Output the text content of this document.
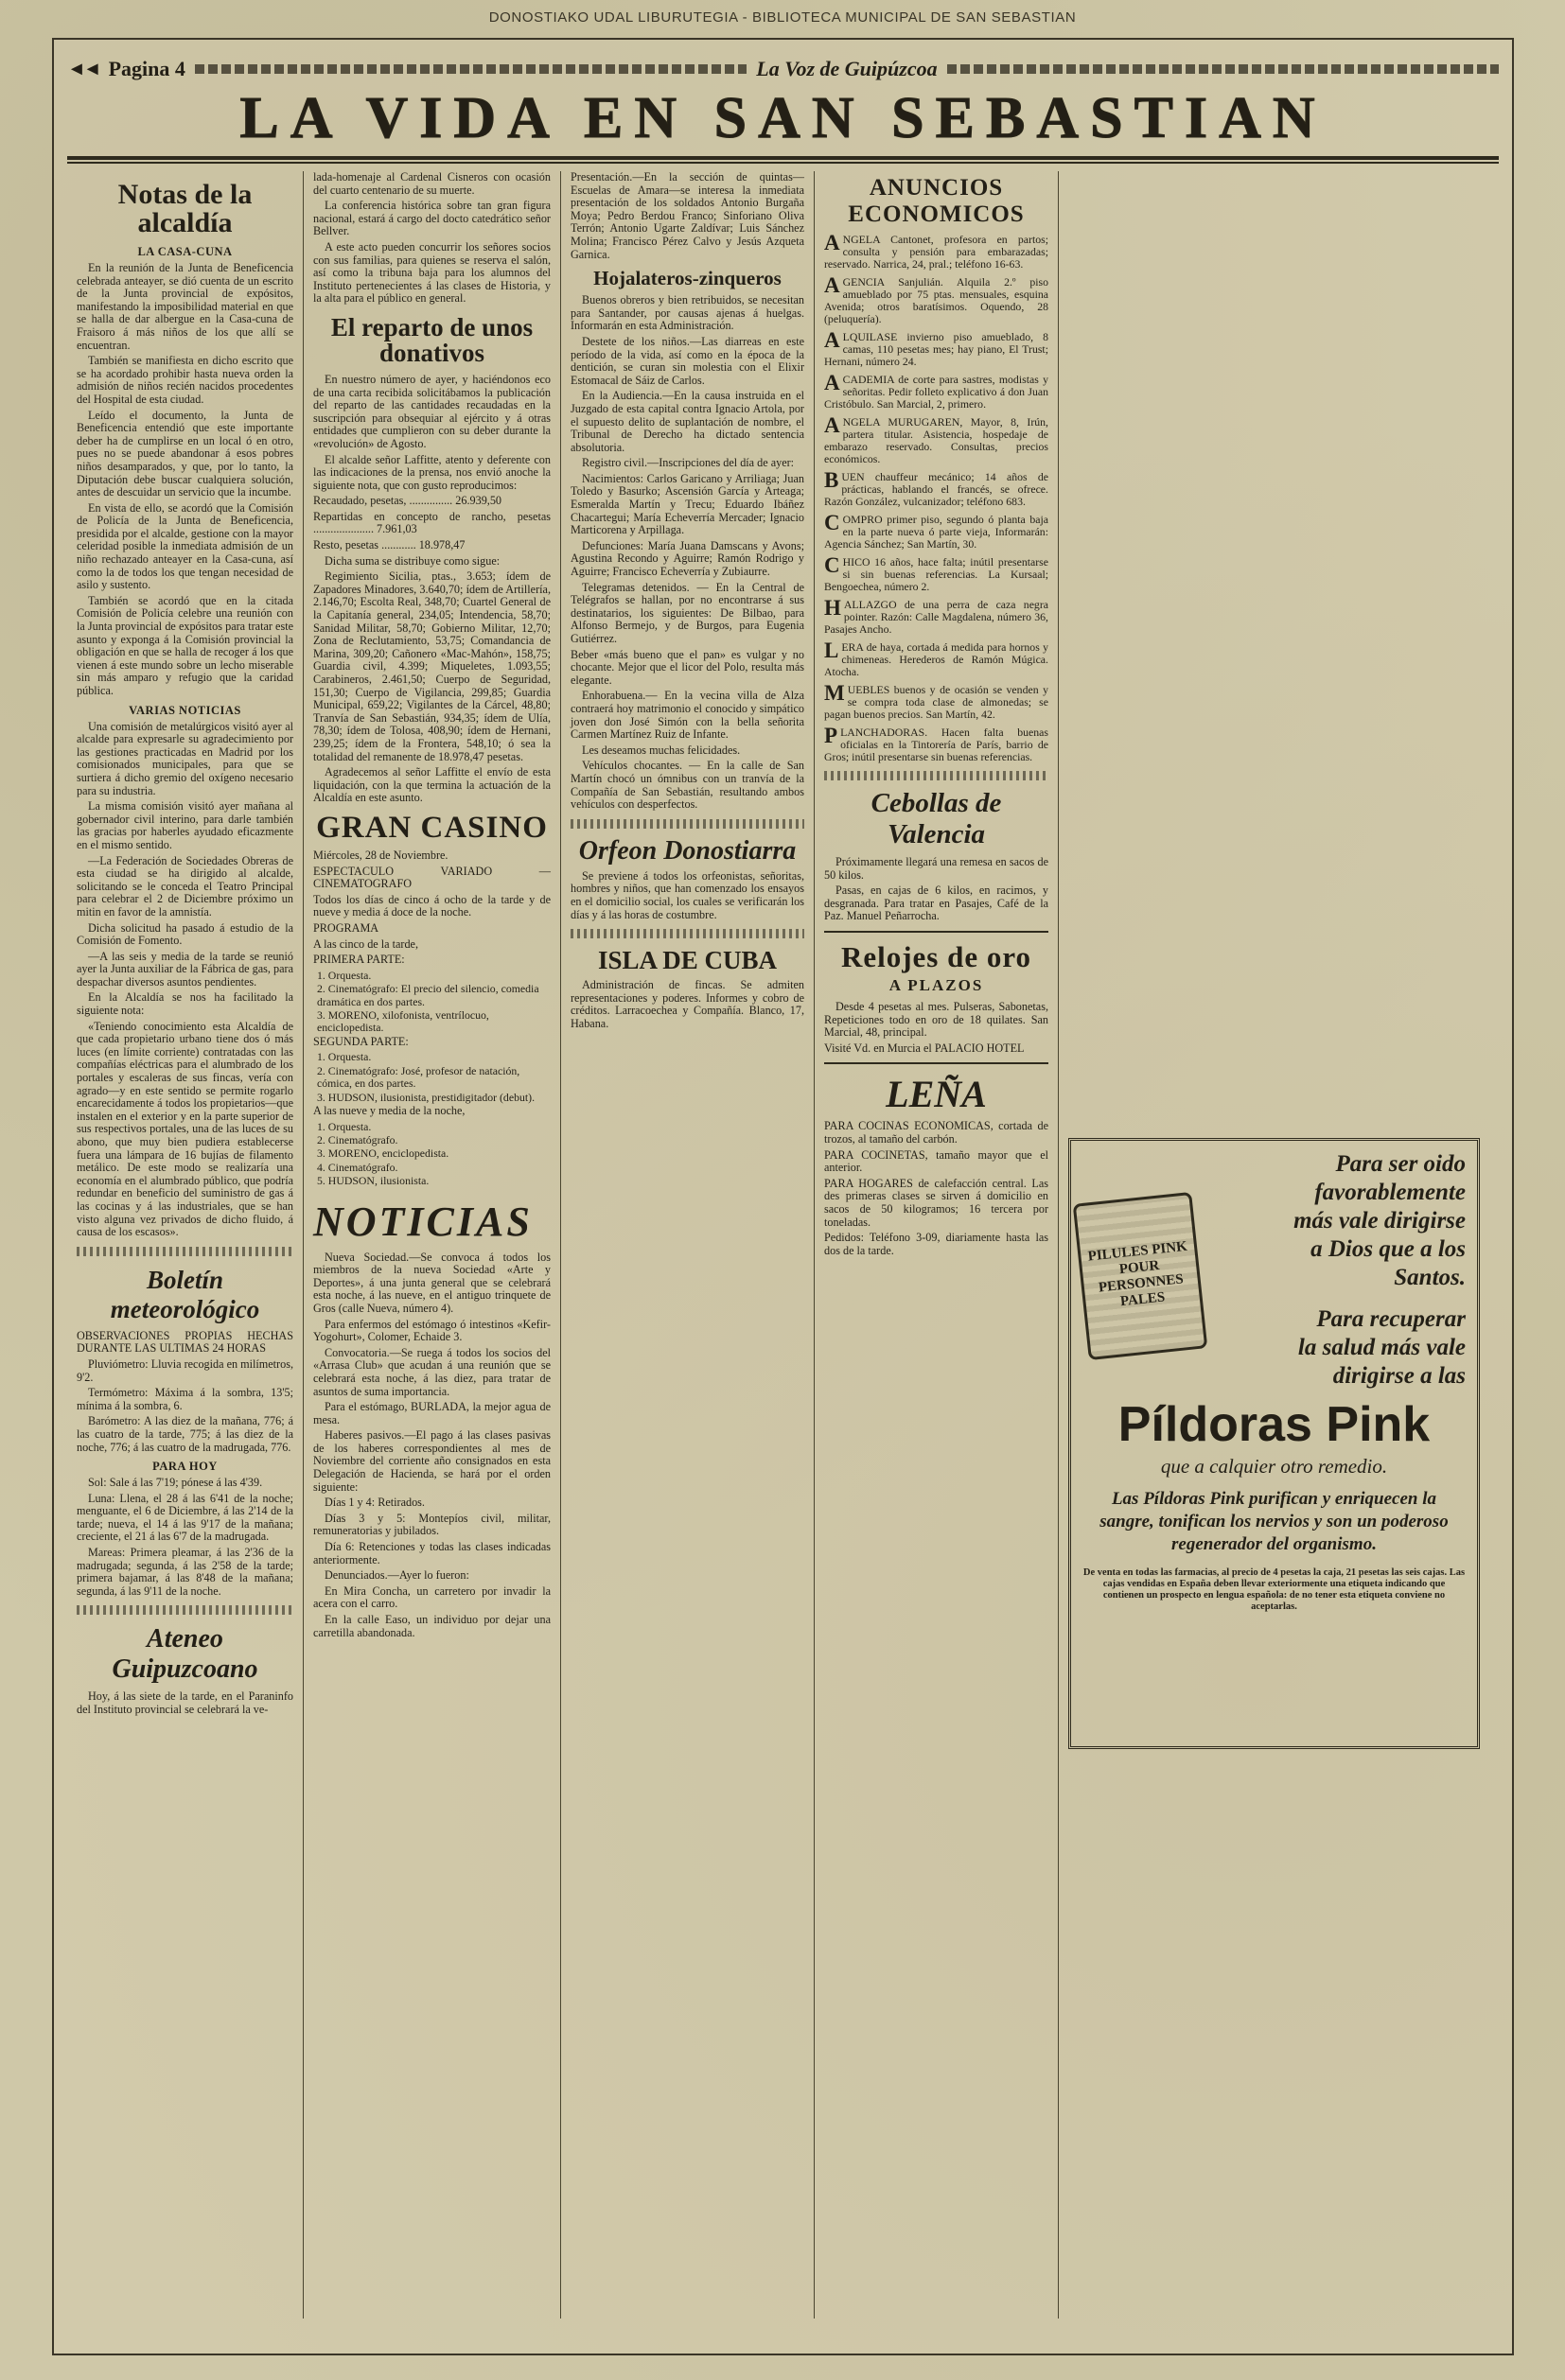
DONOSTIAKO UDAL LIBURUTEGIA - BIBLIOTECA MUNICIPAL DE SAN SEBASTIAN
◄◄ Pagina 4	La Voz de Guipúzcoa
LA VIDA EN SAN SEBASTIAN
Notas de la alcaldía
LA CASA-CUNA

En la reunión de la Junta de Beneficencia celebrada anteayer, se dió cuenta de un escrito de la Junta provincial de expósitos, manifestando la imposibilidad material en que se halla de dar albergue en la Casa-cuna de Fraisoro á más niños de los que allí se encuentran.

También se manifiesta en dicho escrito que se ha acordado prohibir hasta nueva orden la admisión de niños recién nacidos procedentes del Hospital de esta ciudad.

Leído el documento, la Junta de Beneficencia entendió que este importante deber ha de cumplirse en un local ó en otro, pues no se puede abandonar á esos pobres niños desamparados, y que, por lo tanto, la Diputación debe buscar cualquiera solución, antes de descuidar un servicio que la incumbe.

En vista de ello, se acordó que la Comisión de Policía de la Junta de Beneficencia, presidida por el alcalde, gestione con la mayor celeridad posible la inmediata admisión de un niño rechazado anteayer en la Casa-cuna, así como la de todos los que tengan necesidad de asilo y sustento.

También se acordó que en la citada Comisión de Policía celebre una reunión con la Junta provincial de expósitos para tratar este asunto y exponga á la Comisión provincial la obligación en que se halla de recoger á los que vienen á este mundo sobre un lecho miserable sin más amparo y refugio que la caridad pública.

VARIAS NOTICIAS

Una comisión de metalúrgicos visitó ayer al alcalde para expresarle su agradecimiento por las gestiones practicadas en Madrid por los comisionados municipales, para que se surtiera á dicho gremio del oxígeno necesario para su industria.

La misma comisión visitó ayer mañana al gobernador civil interino, para darle también las gracias por haberles ayudado eficazmente en el mismo sentido.

—La Federación de Sociedades Obreras de esta ciudad se ha dirigido al alcalde, solicitando se le conceda el Teatro Principal para celebrar el 2 de Diciembre próximo un mitin en favor de la amnistía.

Dicha solicitud ha pasado á estudio de la Comisión de Fomento.

—A las seis y media de la tarde se reunió ayer la Junta auxiliar de la Fábrica de gas, para despachar diversos asuntos pendientes.

En la Alcaldía se nos ha facilitado la siguiente nota:

«Teniendo conocimiento esta Alcaldía de que cada propietario urbano tiene dos ó más luces (en límite corriente) contratadas con las compañías eléctricas para el alumbrado de los portales y escaleras de sus fincas, vería con agrado—y en este sentido se permite rogarlo encarecidamente á todos los propietarios—que instalen en el exterior y en la parte superior de sus respectivos portales, una de las luces de su abono, que muy bien pudiera establecerse fuera una lámpara de 16 bujías de filamento metálico. De este modo se realizaría una economía en el alumbrado público, que podría redundar en beneficio del suministro de gas á las cocinas y á las industriales, que se han visto alguna vez privados de dicho fluido, á causa de los escasos».

Boletín meteorológico

OBSERVACIONES PROPIAS HECHAS DURANTE LAS ULTIMAS 24 HORAS

Pluviómetro: Lluvia recogida en milímetros, 9'2.

Termómetro: Máxima á la sombra, 13'5; mínima á la sombra, 6.

Barómetro: A las diez de la mañana, 776; á las cuatro de la tarde, 775; á las diez de la noche, 776; á las cuatro de la madrugada, 776.

PARA HOY

Sol: Sale á las 7'19; pónese á las 4'39.

Luna: Llena, el 28 á las 6'41 de la noche; menguante, el 6 de Diciembre, á las 2'14 de la tarde; nueva, el 14 á las 9'17 de la mañana; creciente, el 21 á las 6'7 de la madrugada.

Mareas: Primera pleamar, á las 2'36 de la madrugada; segunda, á las 2'58 de la tarde; primera bajamar, á las 8'48 de la mañana; segunda, á las 9'11 de la noche.

Ateneo Guipuzcoano

Hoy, á las siete de la tarde, en el Paraninfo del Instituto provincial se celebrará la ve-

lada-homenaje al Cardenal Cisneros con ocasión del cuarto centenario de su muerte.

La conferencia histórica sobre tan gran figura nacional, estará á cargo del docto catedrático señor Bellver.

A este acto pueden concurrir los señores socios con sus familias, para quienes se reserva el salón, así como la tribuna baja para los alumnos del Instituto pertenecientes á las clases de Historia, y la alta para el público en general.

El reparto de unos donativos

En nuestro número de ayer, y haciéndonos eco de una carta recibida solicitábamos la publicación del reparto de las cantidades recaudadas en la suscripción para obsequiar al ejército y á otras entidades que cumplieron con su deber durante la «revolución» de Agosto.

El alcalde señor Laffitte, atento y deferente con las indicaciones de la prensa, nos envió anoche la siguiente nota, que con gusto reproducimos:

Recaudado, pesetas, ............... 26.939,50

Repartidas en concepto de rancho, pesetas ..................... 7.961,03

Resto, pesetas ............ 18.978,47

Dicha suma se distribuye como sigue:

Regimiento Sicilia, ptas., 3.653; ídem de Zapadores Minadores, 3.640,70; ídem de Artillería, 2.146,70; Escolta Real, 348,70; Cuartel General de la Capitanía general, 234,05; Intendencia, 58,70; Sanidad Militar, 58,70; Gobierno Militar, 12,70; Zona de Reclutamiento, 53,75; Comandancia de Marina, 309,20; Cañonero «Mac-Mahón», 158,75; Guardia civil, 4.399; Miqueletes, 1.093,55; Carabineros, 2.461,50; Cuerpo de Seguridad, 151,30; Cuerpo de Vigilancia, 299,85; Guardia Municipal, 659,22; Vigilantes de la Cárcel, 48,80; Tranvía de San Sebastián, 934,35; ídem de Ulía, 78,30; ídem de Tolosa, 408,90; ídem de Hernani, 239,25; ídem de la Frontera, 548,10; ó sea la totalidad del remanente de 18.978,47 pesetas.

Agradecemos al señor Laffitte el envío de esta liquidación, con la que termina la actuación de la Alcaldía en este asunto.

GRAN CASINO

Miércoles, 28 de Noviembre.

ESPECTACULO VARIADO — CINEMATOGRAFO

Todos los días de cinco á ocho de la tarde y de nueve y media á doce de la noche.

PROGRAMA

A las cinco de la tarde,

PRIMERA PARTE:

1. Orquesta.
2. Cinematógrafo: El precio del silencio, comedia dramática en dos partes.
3. MORENO, xilofonista, ventrílocuo, enciclopedista.

SEGUNDA PARTE:

1. Orquesta.
2. Cinematógrafo: José, profesor de natación, cómica, en dos partes.
3. HUDSON, ilusionista, prestidigitador (debut).

A las nueve y media de la noche,

1. Orquesta.
2. Cinematógrafo.
3. MORENO, enciclopedista.
4. Cinematógrafo.
5. HUDSON, ilusionista.
NOTICIAS

Nueva Sociedad.—Se convoca á todos los miembros de la nueva Sociedad «Arte y Deportes», á una junta general que se celebrará esta noche, á las nueve, en el antiguo trinquete de Gros (calle Nueva, número 4).

Para enfermos del estómago ó intestinos «Kefir-Yogohurt», Colomer, Echaide 3.

Convocatoria.—Se ruega á todos los socios del «Arrasa Club» que acudan á una reunión que se celebrará esta noche, á las diez, para tratar de asuntos de suma importancia.

Para el estómago, BURLADA, la mejor agua de mesa.

Haberes pasivos.—El pago á las clases pasivas de los haberes correspondientes al mes de Noviembre del corriente año consignados en esta Delegación de Hacienda, se hará por el orden siguiente:

Días 1 y 4: Retirados.

Días 3 y 5: Montepíos civil, militar, remuneratorias y jubilados.

Día 6: Retenciones y todas las clases indicadas anteriormente.

Denunciados.—Ayer lo fueron:

En Mira Concha, un carretero por invadir la acera con el carro.

En la calle Easo, un individuo por dejar una carretilla abandonada.

Presentación.—En la sección de quintas—Escuelas de Amara—se interesa la inmediata presentación de los soldados Antonio Burgaña Moya; Pedro Berdou Franco; Sinforiano Oliva Terrón; Antonio Ugarte Zaldívar; Luis Sánchez Molina; Francisco Pérez Calvo y Jesús Azqueta Garnica.

Hojalateros-zinqueros

Buenos obreros y bien retribuidos, se necesitan para Santander, por causas ajenas á huelgas. Informarán en esta Administración.

Destete de los niños.—Las diarreas en este período de la vida, así como en la época de la dentición, se curan sin molestia con el Elixir Estomacal de Sáiz de Carlos.

En la Audiencia.—En la causa instruida en el Juzgado de esta capital contra Ignacio Artola, por el supuesto delito de suplantación de nombre, el Tribunal de Derecho ha dictado sentencia absolutoria.

Registro civil.—Inscripciones del día de ayer:

Nacimientos: Carlos Garicano y Arriliaga; Juan Toledo y Basurko; Ascensión García y Arteaga; Esmeralda Martín y Trecu; Eduardo Ibáñez Chacartegui; María Echeverría Mercader; Ignacio Marticorena y Arpillaga.

Defunciones: María Juana Damscans y Avons; Agustina Recondo y Aguirre; Ramón Rodrigo y Aguirre; Francisco Echeverría y Zubiaurre.

Telegramas detenidos. — En la Central de Telégrafos se hallan, por no encontrarse á sus destinatarios, los siguientes: De Bilbao, para Alfonso Bermejo, y de Burgos, para Eugenia Gutiérrez.

Beber «más bueno que el pan» es vulgar y no chocante. Mejor que el licor del Polo, resulta más elegante.

Enhorabuena.— En la vecina villa de Alza contraerá hoy matrimonio el conocido y simpático joven don José Simón con la bella señorita Carmen Martínez Ruiz de Infante.

Les deseamos muchas felicidades.

Vehículos chocantes. — En la calle de San Martín chocó un ómnibus con un tranvía de la Compañía de San Sebastián, resultando ambos vehículos con desperfectos.

Orfeon Donostiarra

Se previene á todos los orfeonistas, señoritas, hombres y niños, que han comenzado los ensayos en el domicilio social, los cuales se verificarán los días y á las horas de costumbre.

ISLA DE CUBA

Administración de fincas. Se admiten representaciones y poderes. Informes y cobro de créditos. Larracoechea y Compañía. Blanco, 17, Habana.

ANUNCIOS ECONOMICOS

ANGELA Cantonet, profesora en partos; consulta y pensión para embarazadas; reservado. Narrica, 24, pral.; teléfono 16-63.

AGENCIA Sanjulián. Alquila 2.º piso amueblado por 75 ptas. mensuales, esquina Avenida; otros baratísimos. Oquendo, 28 (peluquería).

ALQUILASE invierno piso amueblado, 8 camas, 110 pesetas mes; hay piano, El Trust; Hernani, número 24.

ACADEMIA de corte para sastres, modistas y señoritas. Pedir folleto explicativo á don Juan Cristóbulo. San Marcial, 2, primero.

ANGELA MURUGAREN, Mayor, 8, Irún, partera titular. Asistencia, hospedaje de embarazo reservado. Consultas, precios económicos.

BUEN chauffeur mecánico; 14 años de prácticas, hablando el francés, se ofrece. Razón González, vulcanizador; teléfono 683.

COMPRO primer piso, segundo ó planta baja en la parte nueva ó parte vieja, Informarán: Agencia Sánchez; San Martín, 30.

CHICO 16 años, hace falta; inútil presentarse si sin buenas referencias. La Kursaal; Bengoechea, número 2.

HALLAZGO de una perra de caza negra pointer. Razón: Calle Magdalena, número 36, Pasajes Ancho.

LERA de haya, cortada á medida para hornos y chimeneas. Herederos de Ramón Múgica. Atocha.

MUEBLES buenos y de ocasión se venden y se compra toda clase de almonedas; se pagan buenos precios. San Martín, 42.

PLANCHADORAS. Hacen falta buenas oficialas en la Tintorería de París, barrio de Gros; inútil presentarse sin buenas referencias.

Cebollas de Valencia

Próximamente llegará una remesa en sacos de 50 kilos.

Pasas, en cajas de 6 kilos, en racimos, y desgranada. Para tratar en Pasajes, Café de la Paz. Manuel Peñarrocha.

Relojes de oro
A PLAZOS

Desde 4 pesetas al mes. Pulseras, Sabonetas, Repeticiones todo en oro de 18 quilates. San Marcial, 48, principal.

Visité Vd. en Murcia el PALACIO HOTEL

LEÑA

PARA COCINAS ECONOMICAS, cortada de trozos, al tamaño del carbón.

PARA COCINETAS, tamaño mayor que el anterior.

PARA HOGARES de calefacción central. Las des primeras clases se sirven á domicilio en sacos de 50 kilogramos; 16 tercera por toneladas.

Pedidos: Teléfono 3-09, diariamente hasta las dos de la tarde.	PILULES PINK POUR PERSONNES PALES
Para ser oido
favorablemente
más vale dirigirse
a Dios que a los
Santos.
Para recuperar
la salud más vale
dirigirse a las
Píldoras Pink
que a calquier otro remedio.
Las Píldoras Pink purifican y enriquecen la sangre, tonifican los nervios y son un poderoso regenerador del organismo.
De venta en todas las farmacias, al precio de 4 pesetas la caja, 21 pesetas las seis cajas. Las cajas vendidas en España deben llevar exteriormente una etiqueta indicando que contienen un prospecto en lengua española: de no tener esta etiqueta conviene no aceptarlas.
